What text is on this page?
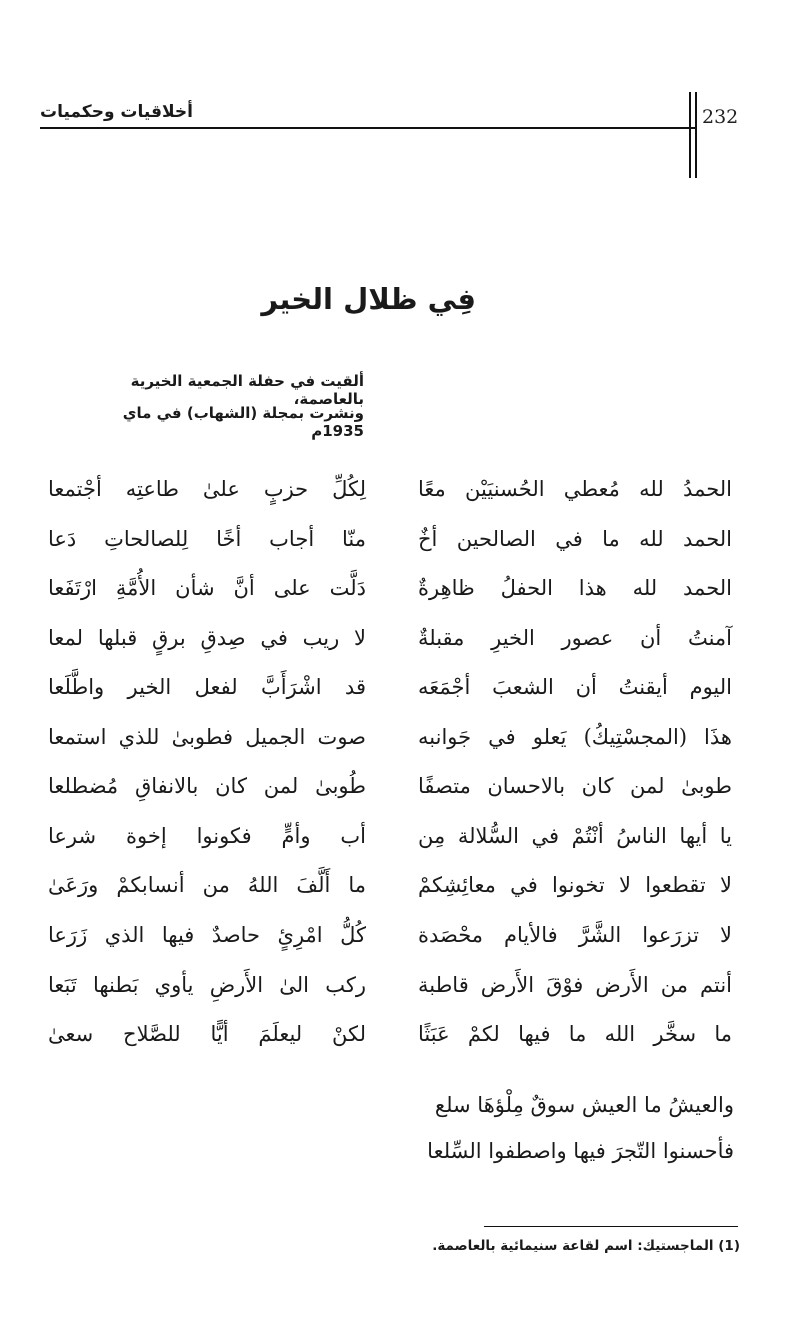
232
أخلاقيات وحكميات
فِي ظلال الخير
ألقيت في حفلة الجمعية الخيرية بالعاصمة،
ونشرت بمجلة (الشهاب) في ماي 1935م
الحمدُ لله مُعطي الحُسنيَيْن معًا
لِكُلِّ حزبٍ علىٰ طاعتِه أجْتمعا
الحمد لله ما في الصالحين أخٌ
منّا أجاب أخًا لِلصالحاتِ دَعا
الحمد لله هذا الحفلُ ظاهِرةٌ
دَلَّت على أنَّ شأن الأُمَّةِ ارْتَفَعا
آمنتُ أن عصور الخيرِ مقبلةٌ
لا ريب في صِدقِ برقٍ قبلها لمعا
اليوم أيقنتُ أن الشعبَ أجْمَعَه
قد اشْرَأَبَّ لفعل الخير واطَّلَعا
هذَا (المجسْتِيكُ) يَعلو في جَوانبه
صوت الجميل فطوبىٰ للذي استمعا
طوبىٰ لمن كان بالاحسان متصفًا
طُوبىٰ لمن كان بالانفاقِ مُضطلعا
يا أيها الناسُ أنْتُمْ في السُّلالة مِن
أب وأمٍّ فكونوا إخوة شرعا
لا تقطعوا لا تخونوا في معائِشِكمْ
ما أَلَّفَ اللهُ من أنسابكمْ ورَعَىٰ
لا تزرَعوا الشَّرَّ فالأيام محْصَدة
كُلُّ امْرِئٍ حاصدٌ فيها الذي زَرَعا
أنتم من الأَرض فوْقَ الأَرض قاطبة
ركب الىٰ الأَرضِ يأوي بَطنها تَبَعا
ما سخَّر الله ما فيها لكمْ عَبَثًا
لكنْ ليعلَمَ أيًّا للصَّلاح سعىٰ
والعيشُ ما العيش سوقٌ مِلْؤهَا سلع
فأحسنوا التّجرَ فيها واصطفوا السِّلعا
(1) الماجستيك: اسم لقاعة سنيمائية بالعاصمة.
